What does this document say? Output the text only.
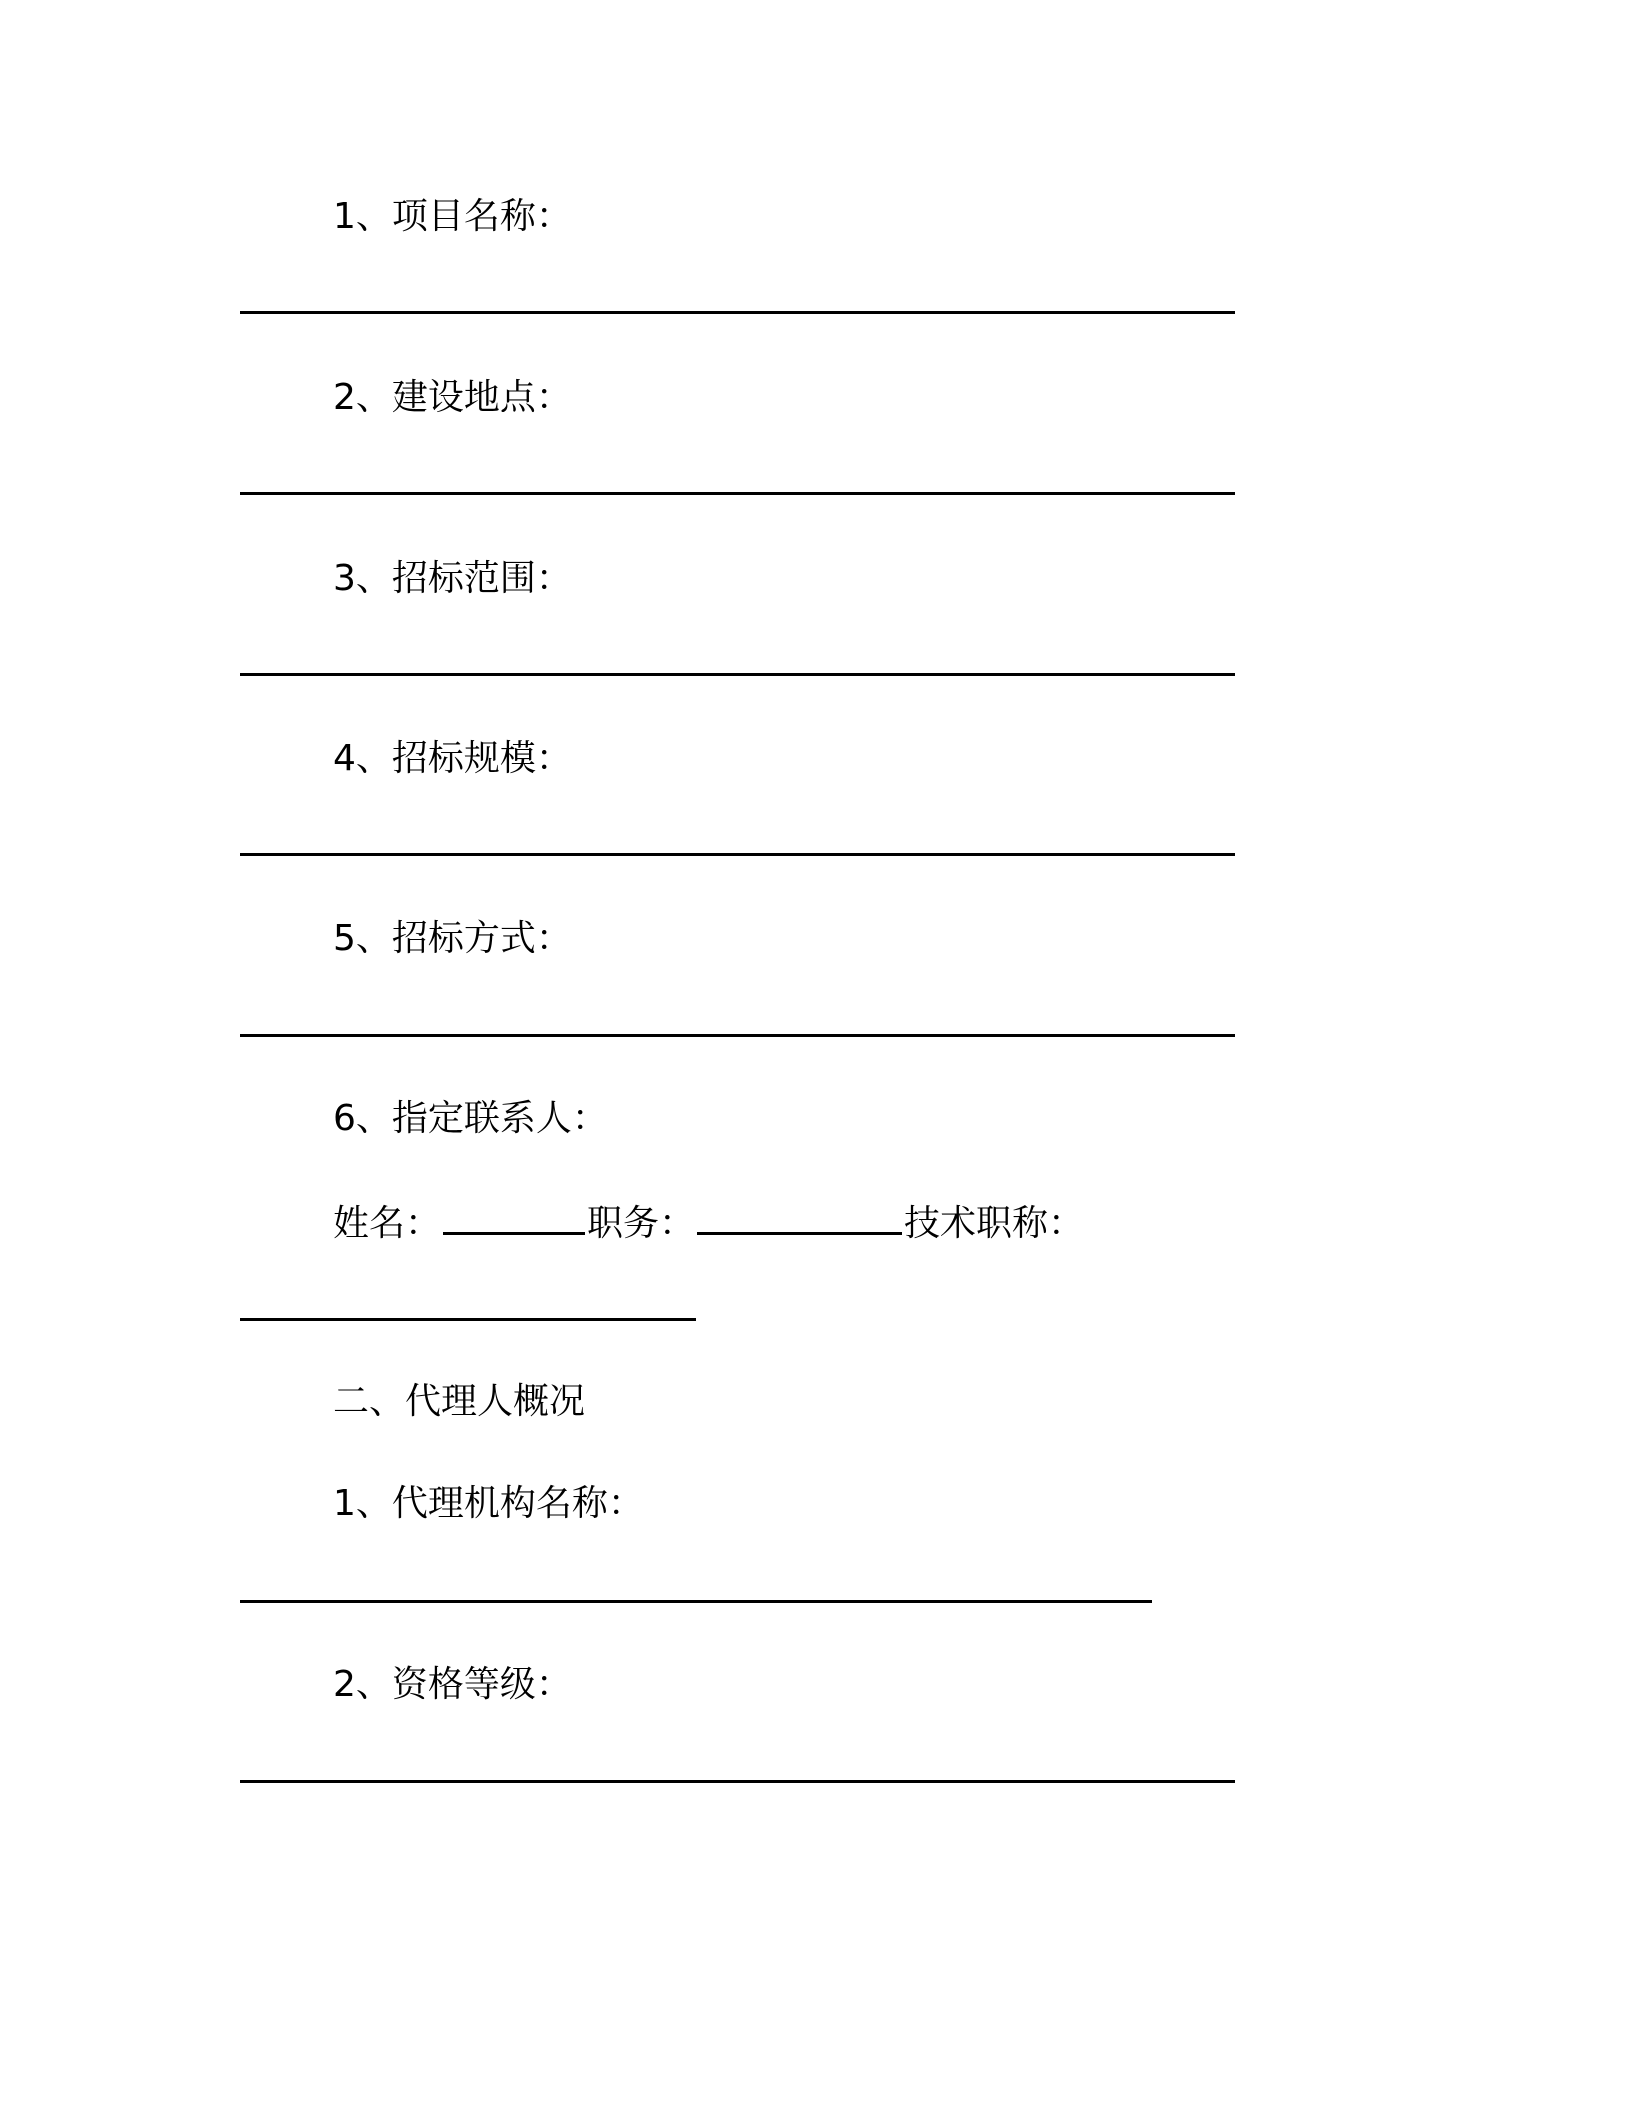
1、项目名称：
2、建设地点：
3、招标范围：
4、招标规模：
5、招标方式：
6、指定联系人：
姓名：	职务：	技术职称：
二、代理人概况
1、代理机构名称：
2、资格等级：
